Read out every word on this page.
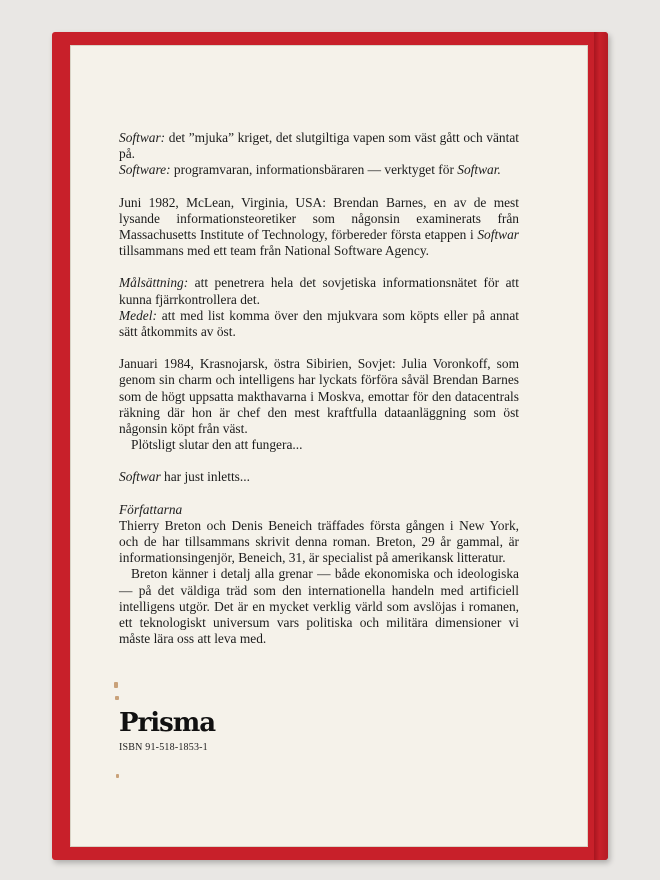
Softwar: det ”mjuka” kriget, det slutgiltiga vapen som väst gått och väntat på.

Software: programvaran, informationsbäraren — verktyget för Softwar.

Juni 1982, McLean, Virginia, USA: Brendan Barnes, en av de mest lysande informationsteoretiker som någonsin examinerats från Massachusetts Institute of Technology, förbereder första etappen i Softwar tillsammans med ett team från National Software Agency.

Målsättning: att penetrera hela det sovjetiska informationsnätet för att kunna fjärrkontrollera det.

Medel: att med list komma över den mjukvara som köpts eller på annat sätt åtkommits av öst.

Januari 1984, Krasnojarsk, östra Sibirien, Sovjet: Julia Voronkoff, som genom sin charm och intelligens har lyckats förföra såväl Brendan Barnes som de högt uppsatta makthavarna i Moskva, emottar för den datacentrals räkning där hon är chef den mest kraftfulla dataanläggning som öst någonsin köpt från väst.

Plötsligt slutar den att fungera...

Softwar har just inletts...

Författarna

Thierry Breton och Denis Beneich träffades första gången i New York, och de har tillsammans skrivit denna roman. Breton, 29 år gammal, är informationsingenjör, Beneich, 31, är specialist på amerikansk litteratur.

Breton känner i detalj alla grenar — både ekonomiska och ideologiska — på det väldiga träd som den internationella handeln med artificiell intelligens utgör. Det är en mycket verklig värld som avslöjas i romanen, ett teknologiskt universum vars politiska och militära dimensioner vi måste lära oss att leva med.

Prisma
ISBN 91-518-1853-1
